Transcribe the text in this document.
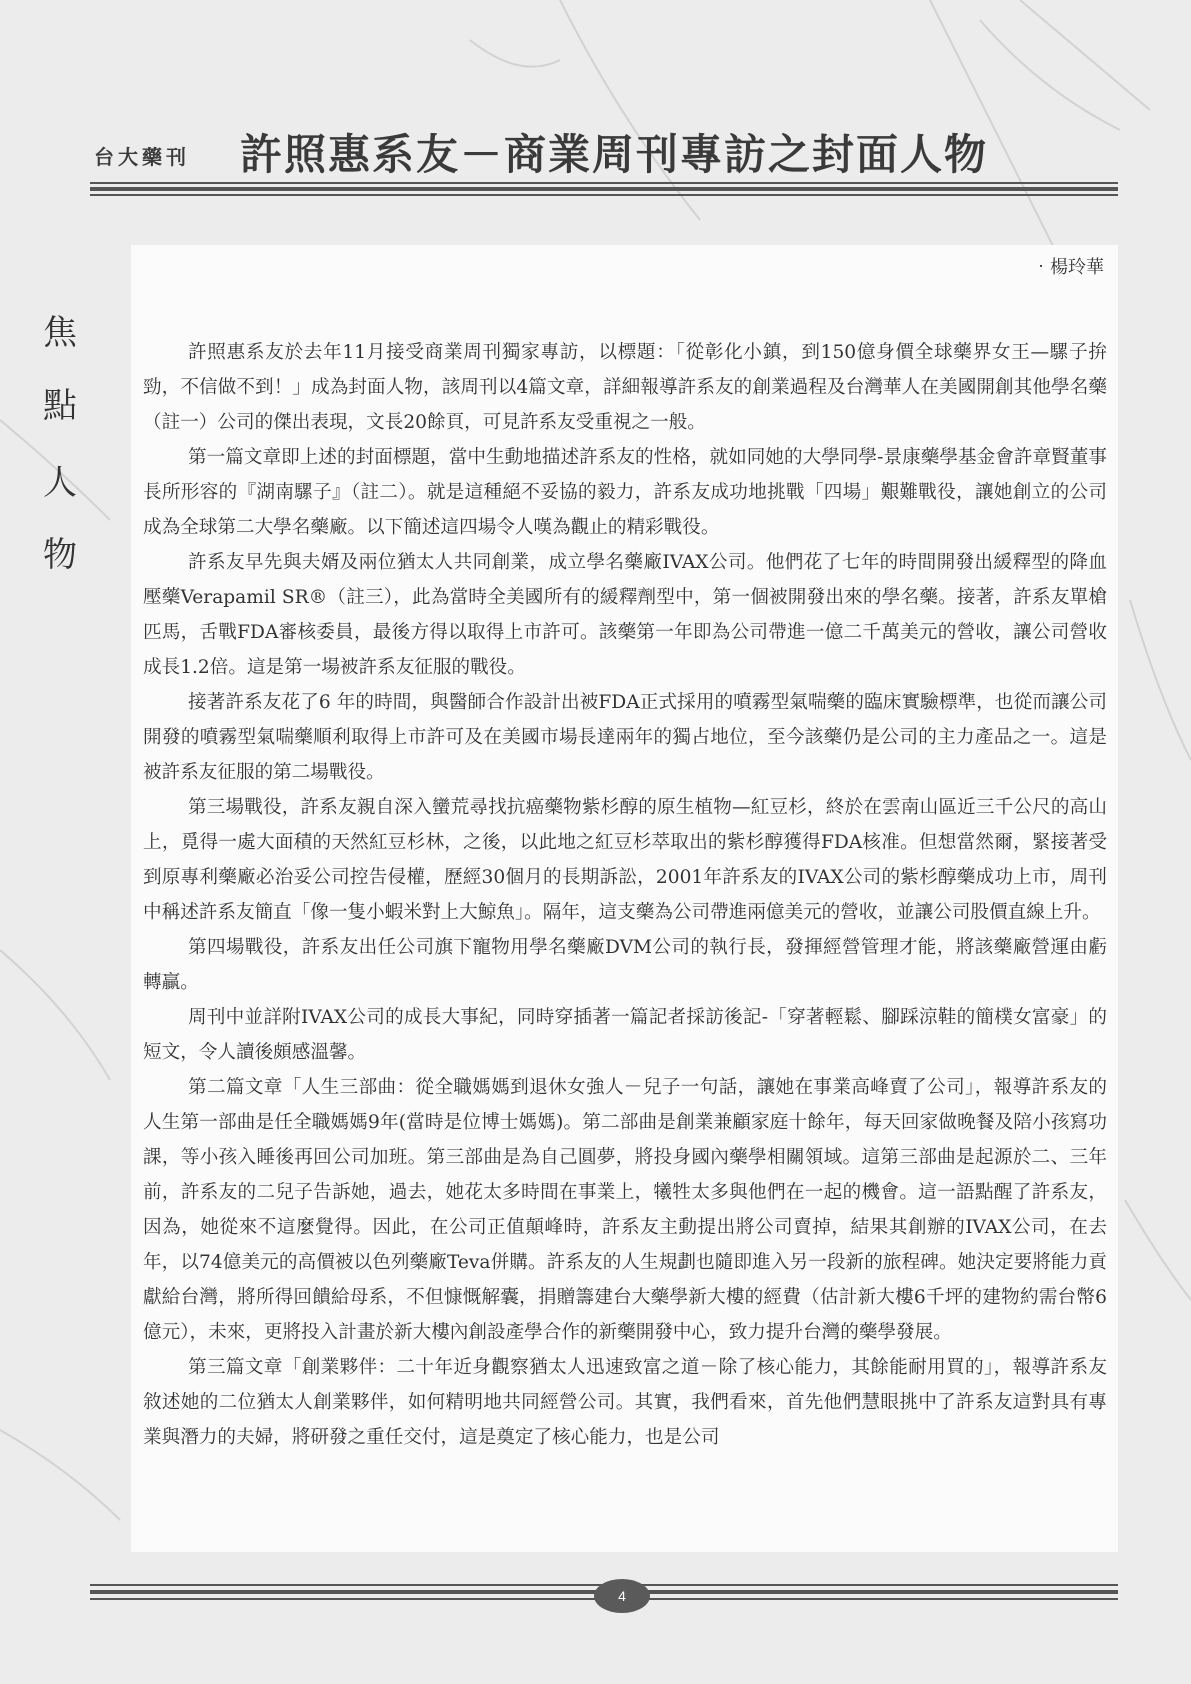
台大藥刊 許照惠系友－商業周刊專訪之封面人物
焦
點
人
物
‧楊玲華

許照惠系友於去年11月接受商業周刊獨家專訪，以標題：「從彰化小鎮，到150億身價全球藥界女王—騾子拚勁，不信做不到！」成為封面人物，該周刊以4篇文章，詳細報導許系友的創業過程及台灣華人在美國開創其他學名藥（註一）公司的傑出表現，文長20餘頁，可見許系友受重視之一般。

第一篇文章即上述的封面標題，當中生動地描述許系友的性格，就如同她的大學同學-景康藥學基金會許章賢董事長所形容的『湖南騾子』（註二）。就是這種絕不妥協的毅力，許系友成功地挑戰「四場」艱難戰役，讓她創立的公司成為全球第二大學名藥廠。以下簡述這四場令人嘆為觀止的精彩戰役。

許系友早先與夫婿及兩位猶太人共同創業，成立學名藥廠IVAX公司。他們花了七年的時間開發出緩釋型的降血壓藥Verapamil SR®（註三），此為當時全美國所有的緩釋劑型中，第一個被開發出來的學名藥。接著，許系友單槍匹馬，舌戰FDA審核委員，最後方得以取得上市許可。該藥第一年即為公司帶進一億二千萬美元的營收，讓公司營收成長1.2倍。這是第一場被許系友征服的戰役。

接著許系友花了6 年的時間，與醫師合作設計出被FDA正式採用的噴霧型氣喘藥的臨床實驗標準，也從而讓公司開發的噴霧型氣喘藥順利取得上市許可及在美國市場長達兩年的獨占地位，至今該藥仍是公司的主力產品之一。這是被許系友征服的第二場戰役。

第三場戰役，許系友親自深入蠻荒尋找抗癌藥物紫杉醇的原生植物—紅豆杉，終於在雲南山區近三千公尺的高山上，覓得一處大面積的天然紅豆杉林，之後，以此地之紅豆杉萃取出的紫杉醇獲得FDA核准。但想當然爾，緊接著受到原專利藥廠必治妥公司控告侵權，歷經30個月的長期訴訟，2001年許系友的IVAX公司的紫杉醇藥成功上市，周刊中稱述許系友簡直「像一隻小蝦米對上大鯨魚」。隔年，這支藥為公司帶進兩億美元的營收，並讓公司股價直線上升。

第四場戰役，許系友出任公司旗下寵物用學名藥廠DVM公司的執行長，發揮經營管理才能，將該藥廠營運由虧轉贏。

周刊中並詳附IVAX公司的成長大事紀，同時穿插著一篇記者採訪後記-「穿著輕鬆、腳踩涼鞋的簡樸女富豪」的短文，令人讀後頗感溫馨。

第二篇文章「人生三部曲：從全職媽媽到退休女強人－兒子一句話，讓她在事業高峰賣了公司」，報導許系友的人生第一部曲是任全職媽媽9年(當時是位博士媽媽)。第二部曲是創業兼顧家庭十餘年，每天回家做晚餐及陪小孩寫功課，等小孩入睡後再回公司加班。第三部曲是為自己圓夢，將投身國內藥學相關領域。這第三部曲是起源於二、三年前，許系友的二兒子告訴她，過去，她花太多時間在事業上，犧牲太多與他們在一起的機會。這一語點醒了許系友，因為，她從來不這麼覺得。因此，在公司正值顛峰時，許系友主動提出將公司賣掉，結果其創辦的IVAX公司，在去年，以74億美元的高價被以色列藥廠Teva併購。許系友的人生規劃也隨即進入另一段新的旅程碑。她決定要將能力貢獻給台灣，將所得回饋給母系，不但慷慨解囊，捐贈籌建台大藥學新大樓的經費（估計新大樓6千坪的建物約需台幣6億元），未來，更將投入計畫於新大樓內創設產學合作的新藥開發中心，致力提升台灣的藥學發展。

第三篇文章「創業夥伴：二十年近身觀察猶太人迅速致富之道－除了核心能力，其餘能耐用買的」，報導許系友敘述她的二位猶太人創業夥伴，如何精明地共同經營公司。其實，我們看來，首先他們慧眼挑中了許系友這對具有專業與潛力的夫婦，將研發之重任交付，這是奠定了核心能力，也是公司

4
